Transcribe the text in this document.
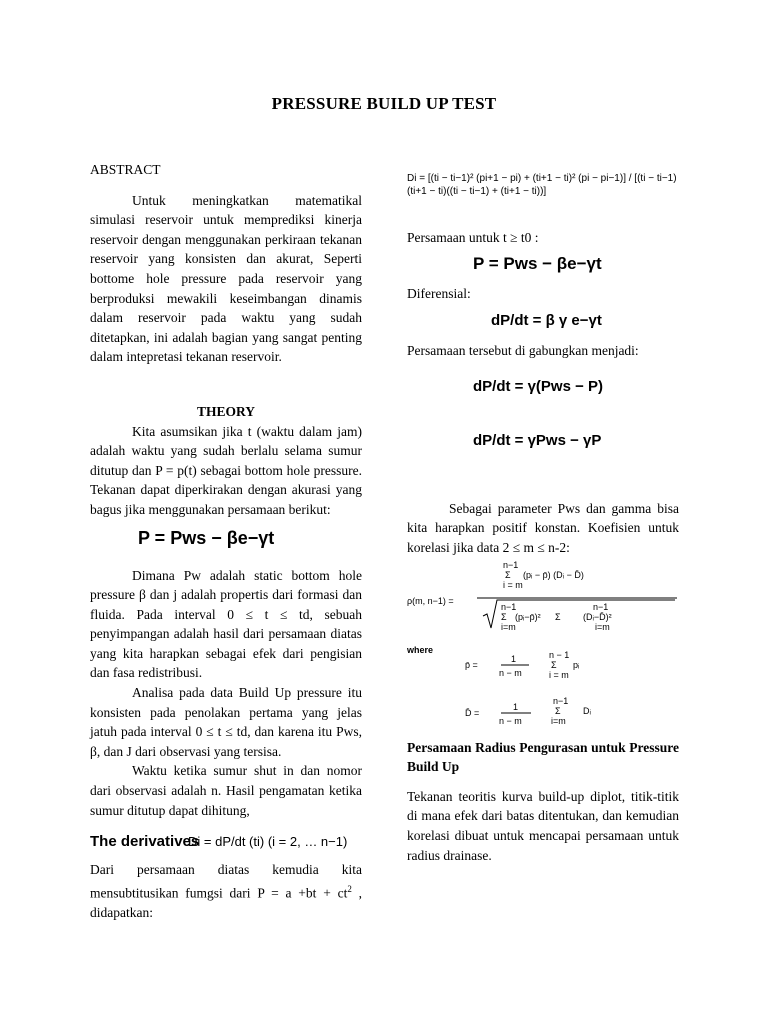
PRESSURE BUILD UP TEST

ABSTRACT

Untuk meningkatkan matematikal simulasi reservoir untuk memprediksi kinerja reservoir dengan menggunakan perkiraan tekanan reservoir yang konsisten dan akurat, Seperti bottome hole pressure pada reservoir yang berproduksi mewakili keseimbangan dinamis dalam reservoir pada waktu yang sudah ditetapkan, ini adalah bagian yang sangat penting dalam intepretasi tekanan reservoir.

THEORY

Kita asumsikan jika t (waktu dalam jam) adalah waktu yang sudah berlalu selama sumur ditutup dan P = p(t) sebagai bottom hole pressure. Tekanan dapat diperkirakan dengan akurasi yang bagus jika menggunakan persamaan berikut:

P = Pws − βe−γt

Dimana Pw adalah static bottom hole pressure β dan j adalah propertis dari formasi dan fluida. Pada interval 0 ≤ t ≤ td, sebuah penyimpangan adalah hasil dari persamaan diatas yang kita harapkan sebagai efek dari pengisian dan fasa redistribusi.

Analisa pada data Build Up pressure itu konsisten pada penolakan pertama yang jelas jatuh pada interval 0 ≤ t ≤ td, dan karena itu Pws, β, dan J dari observasi yang tersisa.

Waktu ketika sumur shut in dan nomor dari observasi adalah n. Hasil pengamatan ketika sumur ditutup dapat dihitung,

The derivatives
Di = dP/dt (ti) (i = 2, … n−1)

Dari persamaan diatas kemudia kita mensubtitusikan fumgsi dari $P = a +bt + ct^2$ , didapatkan:

Di = [(ti − ti−1)² (pi+1 − pi) + (ti+1 − ti)² (pi − pi−1)] / [(ti − ti−1)(ti+1 − ti)((ti − ti−1) + (ti+1 − ti))]

Persamaan untuk t ≥ t0 :

P = Pws − βe−γt

Diferensial:

dP/dt = β γ e−γt

Persamaan tersebut di gabungkan menjadi:

dP/dt = γ(Pws − P)
dP/dt = γPws − γP

Sebagai parameter Pws dan gamma bisa kita harapkan positif konstan. Koefisien untuk korelasi jika data 2 ≤ m ≤ n-2:

n−1
Σ (pᵢ − p̄) (Dᵢ − D̄)
i = m
ρ(m, n−1) =
n−1	n−1
Σ (pᵢ−p̄)² Σ (Dᵢ−D̄)²
i=m	i=m
where
p̄ =
1
n − m
n − 1
Σ pᵢ
i = m
D̄ =
1
n − m
n−1
Σ Dᵢ
i=m

Persamaan Radius Pengurasan untuk Pressure Build Up

Tekanan teoritis kurva build-up diplot, titik-titik di mana efek dari batas ditentukan, dan kemudian korelasi dibuat untuk mencapai persamaan untuk radius drainase.
